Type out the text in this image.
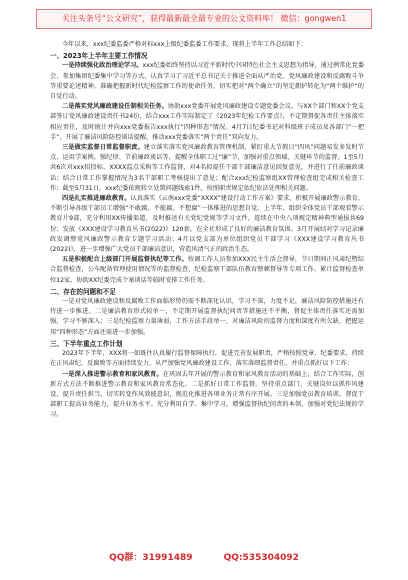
关注头条号“公文研究”，获得最新最全最专业的公文资料库！ 微信：gongwen1
今年以来，xxx纪委监委严格对标xxx上级纪委监委工作要求，现将上半年工作总结如下：
一、2023年上半年主要工作情况
一是持续强化政治理论学习。xxx纪委始终坚持以习近平新时代中国特色社会主义思想为指导，通过例常化党委会、参加集团纪委集中学习等方式，认真学习了习近平总书记关于推进全面从严治党、党风廉政建设和反腐败斗争等重要论述精神，准确把握新时代纪检监察工作的使命任务，切实把对“两个确立”的坚定拥护转化为“两个维护”的自觉行动。
二是落实党风廉政建设任制相关任务。协助xxx党委开展党风廉政建设专题党委会议，与XX个部门和XX个党支部签订党风廉政建设责任书24份，结合xxx工作实际制定了《2023年纪检工作要点》，不定期督促各责任主体落实相应责任，及时统计并向xxx党委报告xxx执行“四种形态”情况。4月7日纪委书记对科级班子成员及各部门“一把手”，开展了廉洁风险防控谈话提醒，推动xxx党委落实“两个责任”双向发力。
三是做实监督日常监督职责。建立落实落实党风廉政教育管理机制，紧盯重大节假日“四风”问题易发多发时节点，运用学案例、强纪律、节前廉政谈话等，提醒全体职工过“廉”节，加强对重点领域、关键环节的监督。1至5月共6次对xxx招投标、XXXX监点采购等工作监督，对4名拟提任干部干部廉洁意见回复意见，并进行了任前廉政谈话；结合日常工作掌握情况为3名干部职工考核提出了意见；配合xxx纪检监察组XX管理检查组完成相关检查工作；截至5月31日，xxx纪委依规转立处置问题线索1件，按照职责规定依纪依法处理相关问题。
四是扎实推进廉政教育。认真落实《云南xxx党委“XXXX”建设行动工作方案》要求，积极开展廉政警示教育，不断引导各级干部员工增强“不敢腐、不能腐、不想腐”一体推进的思想自觉。上半年，组织全体党员干部观看警示教育片9部，充分利用XX传播渠道，及时推送有关党纪党规等学习文件，连续在中央八项规定精神典型通报共69份；发放《XXX建设学习教育丛书(2022)》120套，在全社形成了良好的廉洁教育氛围。3月开展结对学习记录廉政发调整党风廉政警示教育专题学习活动；4月以党支部为单位组织党员干部学习《XXX建设学习教育丛书(2022)》，进一步增强广大党员干部廉洁意识，营造风清气正的政治生态。
五是积极配合上级部门开展监督执纪等工作。按调工作人员参加XXX民主生活会督导，节日期间正风肃纪暨综合监督检查，公车配备管理使用情况等的监督检查，纪检监察干部队伍教育整顿督导等专项工作。累计监督检查单位12家，协助XX纪委完成个案谈话等临时安排工作任务。
二、存在的问题和不足
一是对党风廉政建设和反腐败工作面临形势仍需不断深化认识，学习不深，力度不足，廉洁风险防控措施还有待进一步推进。二是廉洁教育形式较单一，不定期开展监督执纪问责等措施还不平衡，督促主体责任落实还需加强，学习不够深入；三是纪检监察力量薄弱，工作方法手段单一，对廉洁风险的监督力度和深度有所欠缺，把握运用“四种形态”方面还需进一步加强。
三、下半年重点工作计划
2023年下半年，XXX将一如既往认真履行监督保障执行，促进完善发展职责，严格按照党章、纪委要求，持续在正风肃纪、反腐败等方面持续发力，从严加强党风廉政建设工作，落实落细监督责任，并重点抓好以下工作：
一是深入推进警示教育和家风教育。在巩固去年开展的警示教育和家风教育活动的基础上，结合工作实际，创新方式方法不断推进警示教育和家风教育常态化。二是抓好日常工作监督。坚持重点部门、关键岗位以抓作风建设，提升责任担当，切实转变作风效能意识，规范化推进各项业务正常有序开展。三是加强党员教育培训，督促干部职工提高业务能力，提升业务水平。充分利用自学、集中学习，增强监督执纪问责的本领，加强对党纪法规的学习。
QQ群：31991489	QQ:535304092
